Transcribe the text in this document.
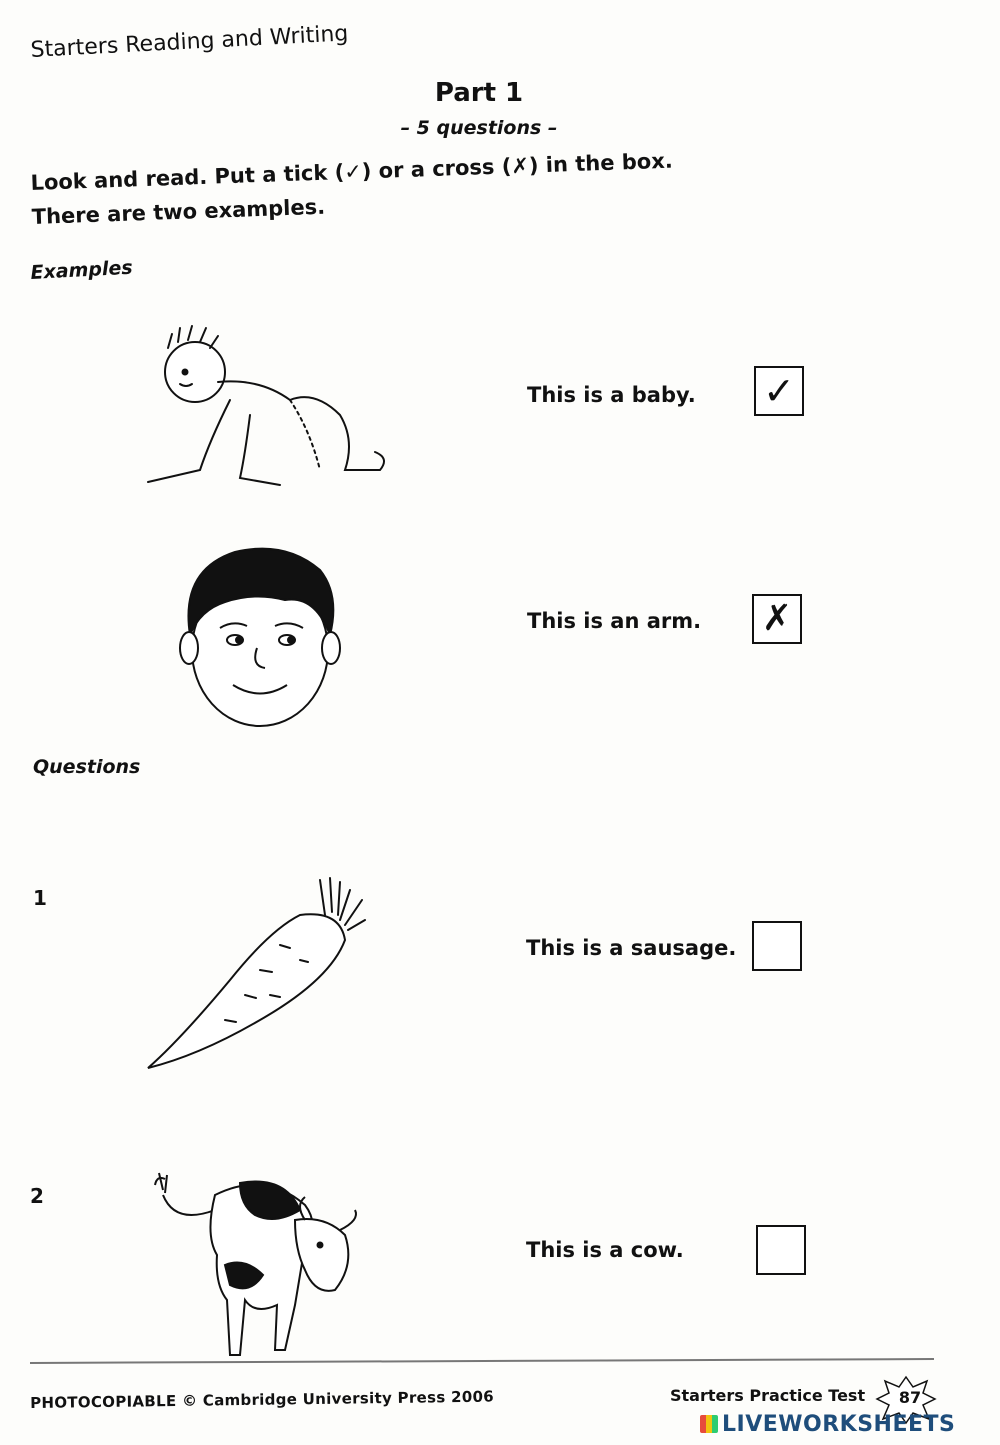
Starters Reading and Writing
Part 1
– 5 questions –
Look and read. Put a tick (✓) or a cross (✗) in the box.
There are two examples.
Examples
This is a baby. ✓
This is an arm. ✗
Questions
1
This is a sausage.
2
This is a cow.
PHOTOCOPIABLE © Cambridge University Press 2006	Starters Practice Test	87
LIVEWORKSHEETS
